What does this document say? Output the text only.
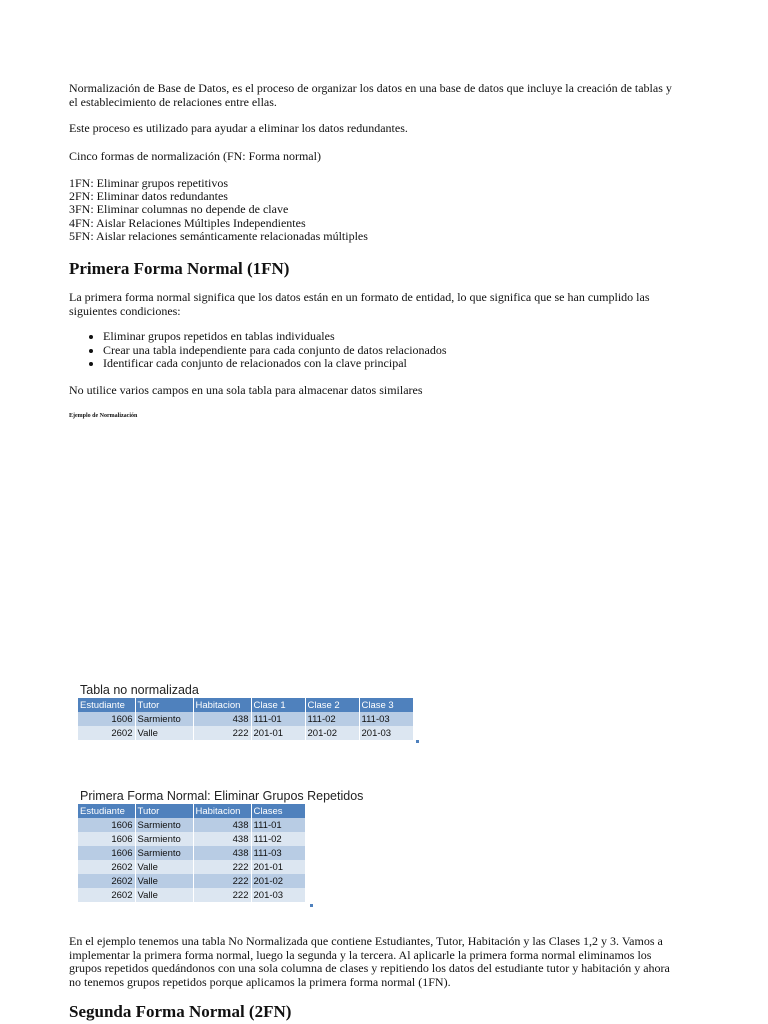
Normalización de Base de Datos, es el proceso de organizar los datos en una base de datos que incluye la creación de tablas y el establecimiento de relaciones entre ellas.

Este proceso es utilizado para ayudar a eliminar los datos redundantes.

Cinco formas de normalización (FN: Forma normal)

1FN: Eliminar grupos repetitivos
2FN: Eliminar datos redundantes
3FN: Eliminar columnas no depende de clave
4FN: Aislar Relaciones Múltiples Independientes
5FN: Aislar relaciones semánticamente relacionadas múltiples
Primera Forma Normal (1FN)

La primera forma normal significa que los datos están en un formato de entidad, lo que significa que se han cumplido las siguientes condiciones:

• Eliminar grupos repetidos en tablas individuales
• Crear una tabla independiente para cada conjunto de datos relacionados
• Identificar cada conjunto de relacionados con la clave principal

No utilice varios campos en una sola tabla para almacenar datos similares

Ejemplo de Normalización

En el ejemplo tenemos una tabla No Normalizada que contiene Estudiantes, Tutor, Habitación y las Clases 1,2 y 3. Vamos a implementar la primera forma normal, luego la segunda y la tercera. Al aplicarle la primera forma normal eliminamos los grupos repetidos quedándonos con una sola columna de clases y repitiendo los datos del estudiante tutor y habitación y ahora no tenemos grupos repetidos porque aplicamos la primera forma normal (1FN).

Segunda Forma Normal (2FN)
Tabla no normalizada
Estudiante	Tutor	Habitacion	Clase 1	Clase 2	Clase 3
1606	Sarmiento	438	111-01	111-02	111-03
2602	Valle	222	201-01	201-02	201-03
Primera Forma Normal: Eliminar Grupos Repetidos
Estudiante	Tutor	Habitacion	Clases
1606	Sarmiento	438	111-01
1606	Sarmiento	438	111-02
1606	Sarmiento	438	111-03
2602	Valle	222	201-01
2602	Valle	222	201-02
2602	Valle	222	201-03
